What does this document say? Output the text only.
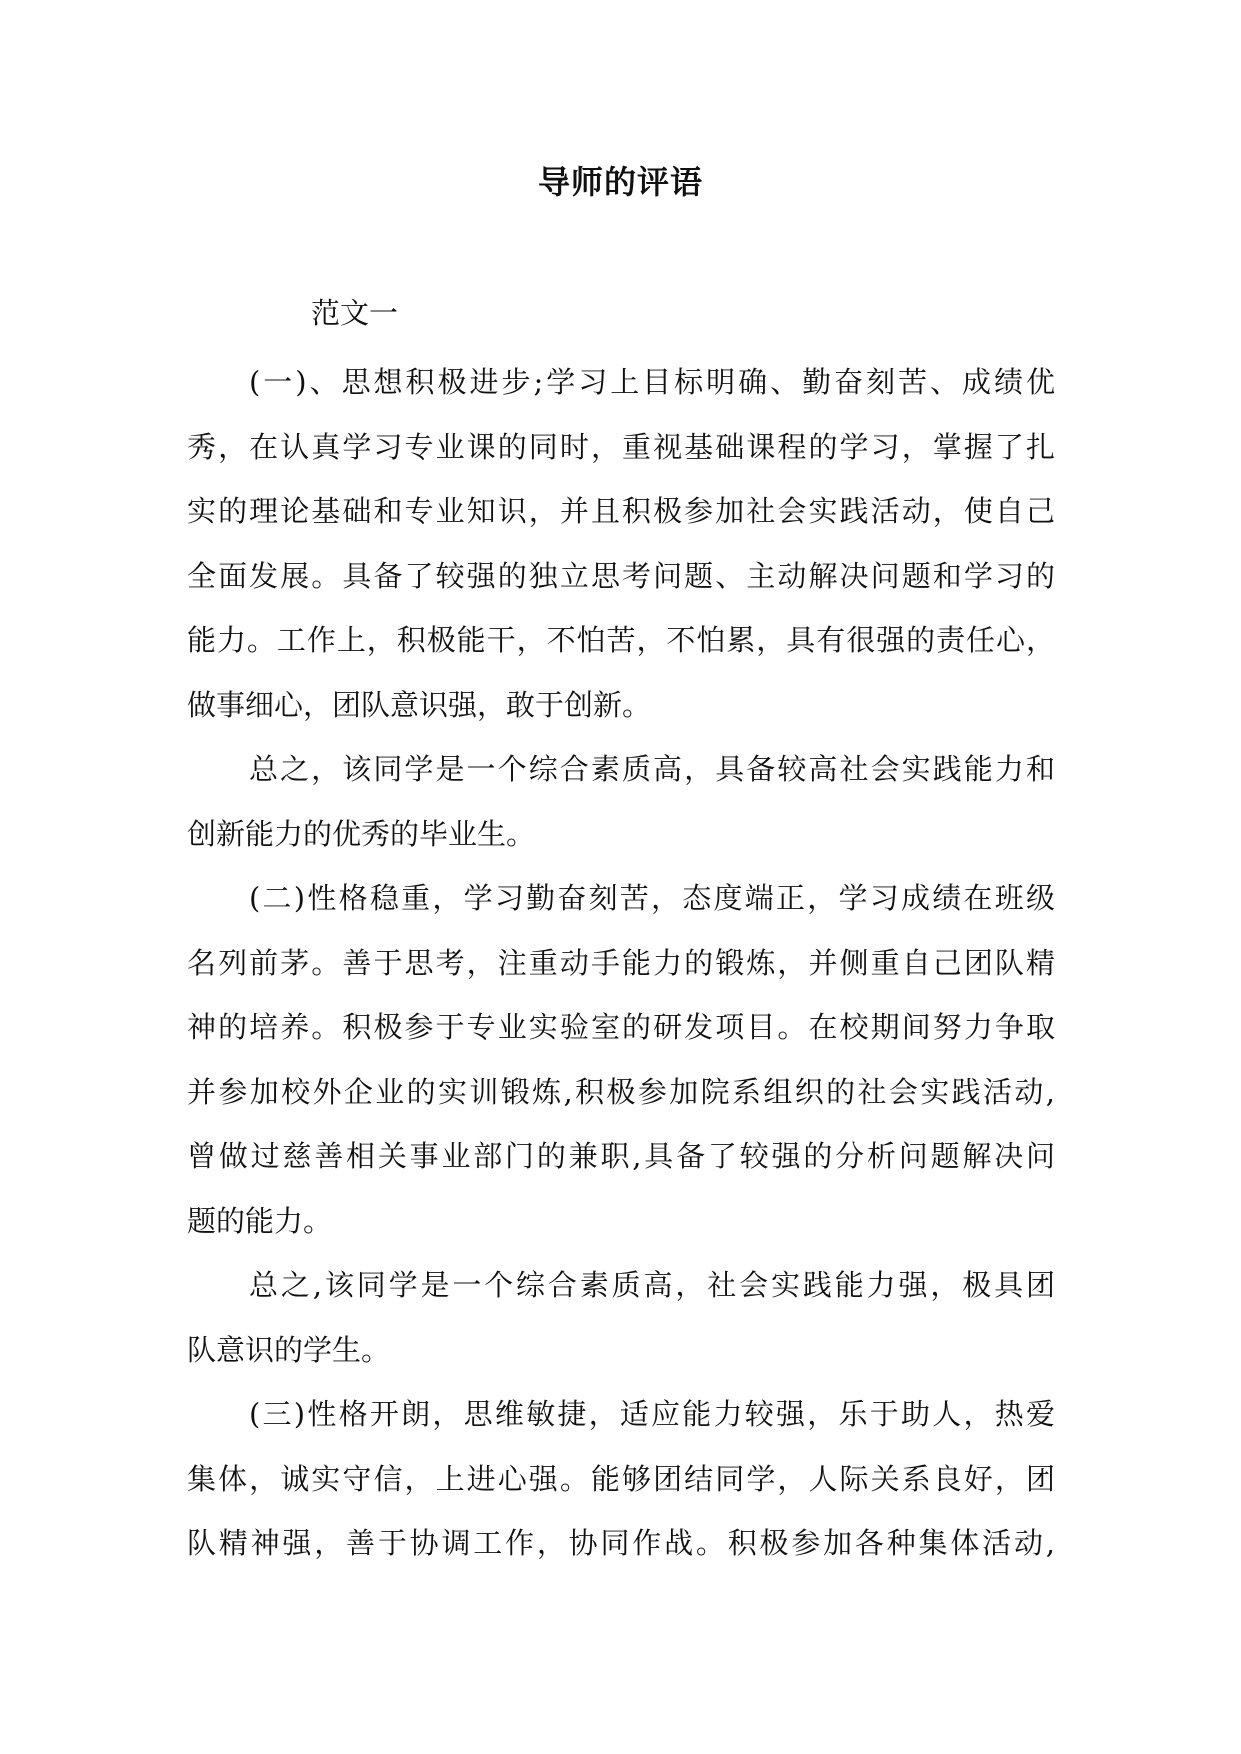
导师的评语
范文一

(一)、思想积极进步;学习上目标明确、勤奋刻苦、成绩优
秀，在认真学习专业课的同时，重视基础课程的学习，掌握了扎
实的理论基础和专业知识，并且积极参加社会实践活动，使自己
全面发展。具备了较强的独立思考问题、主动解决问题和学习的
能力。工作上，积极能干，不怕苦，不怕累，具有很强的责任心，
做事细心，团队意识强，敢于创新。

总之，该同学是一个综合素质高，具备较高社会实践能力和
创新能力的优秀的毕业生。

(二)性格稳重，学习勤奋刻苦，态度端正，学习成绩在班级
名列前茅。善于思考，注重动手能力的锻炼，并侧重自己团队精
神的培养。积极参于专业实验室的研发项目。在校期间努力争取
并参加校外企业的实训锻炼,积极参加院系组织的社会实践活动,
曾做过慈善相关事业部门的兼职,具备了较强的分析问题解决问
题的能力。

总之,该同学是一个综合素质高，社会实践能力强，极具团
队意识的学生。

(三)性格开朗，思维敏捷，适应能力较强，乐于助人，热爱
集体，诚实守信，上进心强。能够团结同学，人际关系良好，团
队精神强，善于协调工作，协同作战。积极参加各种集体活动,
